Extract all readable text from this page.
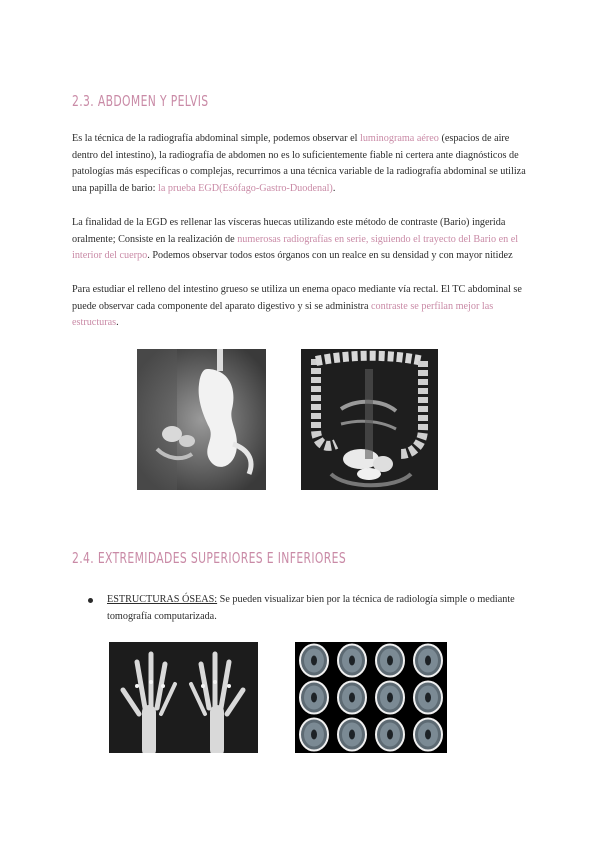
2.3. ABDOMEN Y PELVIS

Es la técnica de la radiografía abdominal simple, podemos observar el luminograma aéreo (espacios de aire dentro del intestino), la radiografía de abdomen no es lo suficientemente fiable ni certera ante diagnósticos de patologías más específicas o complejas, recurrimos a una técnica variable de la radiografía abdominal se utiliza una papilla de bario: la prueba EGD(Esófago-Gastro-Duodenal).

La finalidad de la EGD es rellenar las vísceras huecas utilizando este método de contraste (Bario) ingerida oralmente; Consiste en la realización de numerosas radiografías en serie, siguiendo el trayecto del Bario en el interior del cuerpo. Podemos observar todos estos órganos con un realce en su densidad y con mayor nitidez

Para estudiar el relleno del intestino grueso se utiliza un enema opaco mediante vía rectal. El TC abdominal se puede observar cada componente del aparato digestivo y si se administra contraste se perfilan mejor las estructuras.

2.4. EXTREMIDADES SUPERIORES E INFERIORES

ESTRUCTURAS ÓSEAS: Se pueden visualizar bien por la técnica de radiología simple o mediante tomografía computarizada.
